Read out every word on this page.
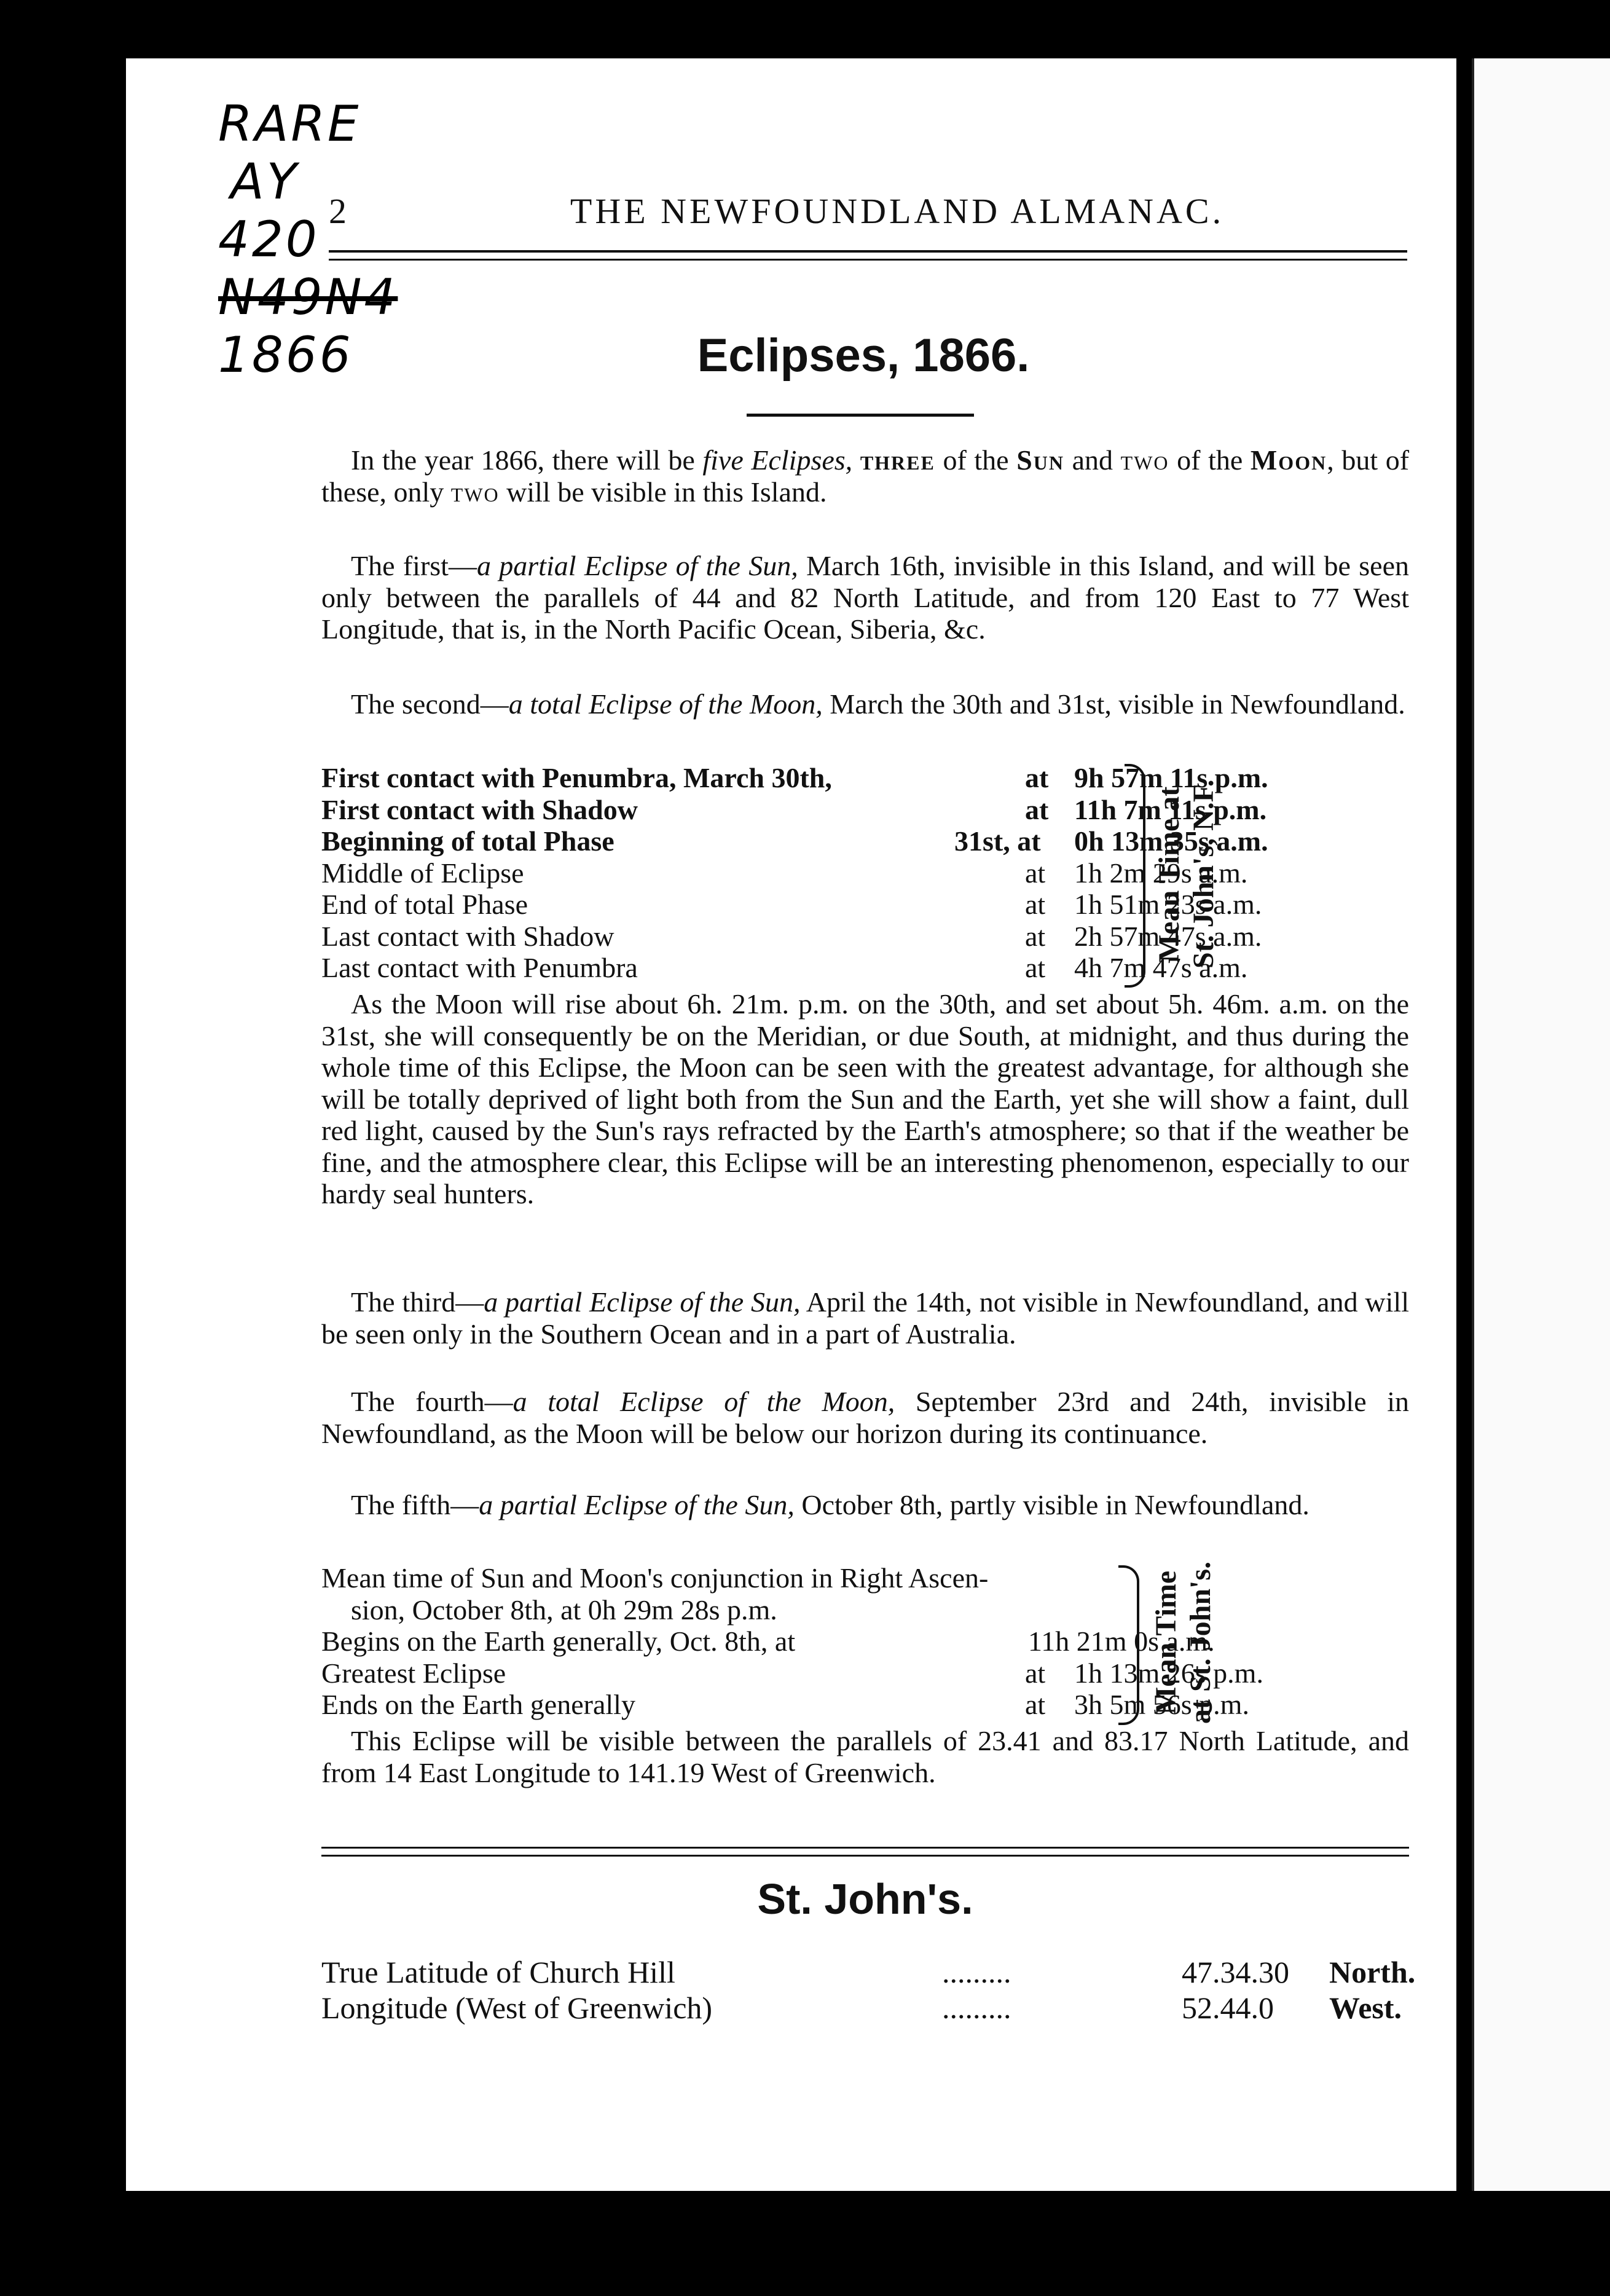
RARE
AY
420
N49N4
1866
2	THE NEWFOUNDLAND ALMANAC.
Eclipses, 1866.

In the year 1866, there will be five Eclipses, three of the Sun and two of the Moon, but of these, only two will be visible in this Island.

The first—a partial Eclipse of the Sun, March 16th, invisible in this Island, and will be seen only between the parallels of 44 and 82 North Latitude, and from 120 East to 77 West Longitude, that is, in the North Pacific Ocean, Siberia, &c.

The second—a total Eclipse of the Moon, March the 30th and 31st, visible in Newfoundland.

First contact with Penumbra, March 30th,	at 9h 57m 11s p.m.
First contact with Shadow	at 11h 7m 11s p.m.
Beginning of total Phase	31st, at 0h 13m 35s a.m.
Middle of Eclipse	at 1h 2m 29s a.m.
End of total Phase	at 1h 51m 23s a.m.
Last contact with Shadow	at 2h 57m 47s a.m.
Last contact with Penumbra	at 4h 7m 47s a.m.
Mean Time at
St. John's, N.F.

As the Moon will rise about 6h. 21m. p.m. on the 30th, and set about 5h. 46m. a.m. on the 31st, she will consequently be on the Meridian, or due South, at midnight, and thus during the whole time of this Eclipse, the Moon can be seen with the greatest advantage, for although she will be totally deprived of light both from the Sun and the Earth, yet she will show a faint, dull red light, caused by the Sun's rays refracted by the Earth's atmosphere; so that if the weather be fine, and the atmosphere clear, this Eclipse will be an interesting phenomenon, especially to our hardy seal hunters.

The third—a partial Eclipse of the Sun, April the 14th, not visible in Newfoundland, and will be seen only in the Southern Ocean and in a part of Australia.

The fourth—a total Eclipse of the Moon, September 23rd and 24th, invisible in Newfoundland, as the Moon will be below our horizon during its continuance.

The fifth—a partial Eclipse of the Sun, October 8th, partly visible in Newfoundland.

Mean time of Sun and Moon's conjunction in Right Ascen-
sion, October 8th, at 0h 29m 28s p.m.
Begins on the Earth generally, Oct. 8th, at	11h 21m 0s a.m.
Greatest Eclipse	at 1h 13m 26s p.m.
Ends on the Earth generally	at 3h 5m 56s p.m.
Mean Time
at St. John's.

This Eclipse will be visible between the parallels of 23.41 and 83.17 North Latitude, and from 14 East Longitude to 141.19 West of Greenwich.

St. John's.
True Latitude of Church Hill	.........	47.34.30 North.
Longitude (West of Greenwich)	.........	52.44.0 West.
